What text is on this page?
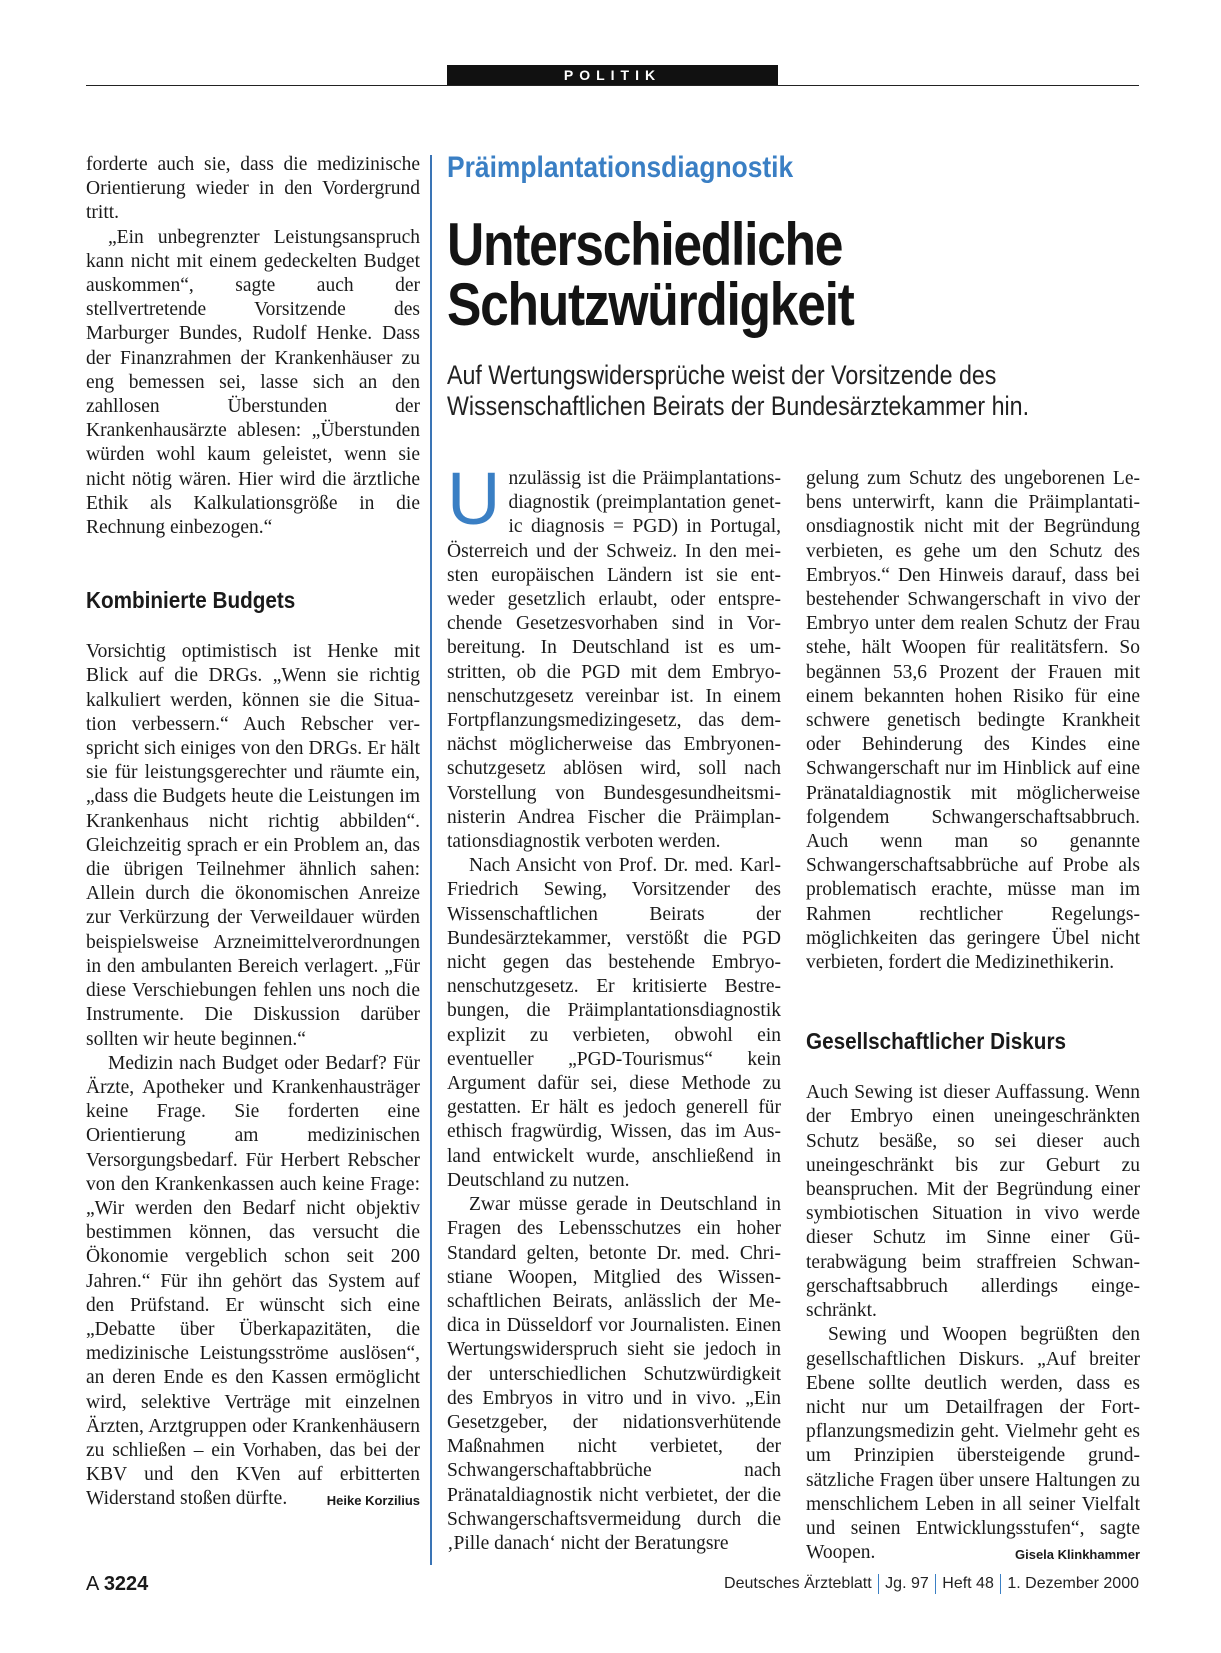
POLITIK

forderte auch sie, dass die medizinische Orientierung wieder in den Vordergrund tritt.

„Ein unbegrenzter Leistungsanspruch kann nicht mit einem gedeckelten Budget auskommen“, sagte auch der stellvertretende Vorsitzende des Marburger Bundes, Rudolf Henke. Dass der Finanzrahmen der Krankenhäuser zu eng bemessen sei, lasse sich an den zahllosen Überstunden der Krankenhausärzte ablesen: „Überstunden würden wohl kaum geleistet, wenn sie nicht nötig wären. Hier wird die ärztliche Ethik als Kalkulationsgröße in die Rechnung einbezogen.“

Kombinierte Budgets

Vorsichtig optimistisch ist Henke mit Blick auf die DRGs. „Wenn sie richtig kalkuliert werden, können sie die Situation verbessern.“ Auch Rebscher verspricht sich einiges von den DRGs. Er hält sie für leistungsgerechter und räumte ein, „dass die Budgets heute die Leistungen im Krankenhaus nicht richtig abbilden“. Gleichzeitig sprach er ein Problem an, das die übrigen Teilnehmer ähnlich sahen: Allein durch die ökonomischen Anreize zur Verkürzung der Verweildauer würden beispielsweise Arzneimittelverordnungen in den ambulanten Bereich verlagert. „Für diese Verschiebungen fehlen uns noch die Instrumente. Die Diskussion darüber sollten wir heute beginnen.“

Medizin nach Budget oder Bedarf? Für Ärzte, Apotheker und Krankenhausträger keine Frage. Sie forderten eine Orientierung am medizinischen Versorgungsbedarf. Für Herbert Rebscher von den Krankenkassen auch keine Frage: „Wir werden den Bedarf nicht objektiv bestimmen können, das versucht die Ökonomie vergeblich schon seit 200 Jahren.“ Für ihn gehört das System auf den Prüfstand. Er wünscht sich eine „Debatte über Überkapazitäten, die medizinische Leistungsströme auslösen“, an deren Ende es den Kassen ermöglicht wird, selektive Verträge mit einzelnen Ärzten, Arztgruppen oder Krankenhäusern zu schließen – ein Vorhaben, das bei der KBV und den KVen auf erbitterten Widerstand stoßen dürfte.	Heike Korzilius

Präimplantationsdiagnostik
Unterschiedliche
Schutzwürdigkeit
Auf Wertungswidersprüche weist der Vorsitzende des
Wissenschaftlichen Beirats der Bundesärztekammer hin.

Unzulässig ist die Präimplantationsdiagnostik (preimplantation genetic diagnosis = PGD) in Portugal, Österreich und der Schweiz. In den meisten europäischen Ländern ist sie entweder gesetzlich erlaubt, oder entsprechende Gesetzesvorhaben sind in Vorbereitung. In Deutschland ist es umstritten, ob die PGD mit dem Embryonenschutzgesetz vereinbar ist. In einem Fortpflanzungsmedizingesetz, das demnächst möglicherweise das Embryonenschutzgesetz ablösen wird, soll nach Vorstellung von Bundesgesundheitsministerin Andrea Fischer die Präimplantationsdiagnostik verboten werden.

Nach Ansicht von Prof. Dr. med. Karl-Friedrich Sewing, Vorsitzender des Wissenschaftlichen Beirats der Bundesärztekammer, verstößt die PGD nicht gegen das bestehende Embryonenschutzgesetz. Er kritisierte Bestrebungen, die Präimplantationsdiagnostik explizit zu verbieten, obwohl ein eventueller „PGD-Tourismus“ kein Argument dafür sei, diese Methode zu gestatten. Er hält es jedoch generell für ethisch fragwürdig, Wissen, das im Ausland entwickelt wurde, anschließend in Deutschland zu nutzen.

Zwar müsse gerade in Deutschland in Fragen des Lebensschutzes ein hoher Standard gelten, betonte Dr. med. Christiane Woopen, Mitglied des Wissenschaftlichen Beirats, anlässlich der Medica in Düsseldorf vor Journalisten. Einen Wertungswiderspruch sieht sie jedoch in der unterschiedlichen Schutzwürdigkeit des Embryos in vitro und in vivo. „Ein Gesetzgeber, der nidationsverhütende Maßnahmen nicht verbietet, der Schwangerschaftabbrüche nach Pränataldiagnostik nicht verbietet, der die Schwangerschaftsvermeidung durch die ‚Pille danach‘ nicht der Beratungsre

gelung zum Schutz des ungeborenen Lebens unterwirft, kann die Präimplantationsdiagnostik nicht mit der Begründung verbieten, es gehe um den Schutz des Embryos.“ Den Hinweis darauf, dass bei bestehender Schwangerschaft in vivo der Embryo unter dem realen Schutz der Frau stehe, hält Woopen für realitätsfern. So begännen 53,6 Prozent der Frauen mit einem bekannten hohen Risiko für eine schwere genetisch bedingte Krankheit oder Behinderung des Kindes eine Schwangerschaft nur im Hinblick auf eine Pränataldiagnostik mit möglicherweise folgendem Schwangerschaftsabbruch. Auch wenn man so genannte Schwangerschaftsabbrüche auf Probe als problematisch erachte, müsse man im Rahmen rechtlicher Regelungsmöglichkeiten das geringere Übel nicht verbieten, fordert die Medizinethikerin.

Gesellschaftlicher Diskurs

Auch Sewing ist dieser Auffassung. Wenn der Embryo einen uneingeschränkten Schutz besäße, so sei dieser auch uneingeschränkt bis zur Geburt zu beanspruchen. Mit der Begründung einer symbiotischen Situation in vivo werde dieser Schutz im Sinne einer Güterabwägung beim straffreien Schwangerschaftsabbruch allerdings eingeschränkt.

Sewing und Woopen begrüßten den gesellschaftlichen Diskurs. „Auf breiter Ebene sollte deutlich werden, dass es nicht nur um Detailfragen der Fortpflanzungsmedizin geht. Vielmehr geht es um Prinzipien übersteigende grundsätzliche Fragen über unsere Haltungen zu menschlichem Leben in all seiner Vielfalt und seinen Entwicklungsstufen“, sagte Woopen.	Gisela Klinkhammer

A 3224	Deutsches Ärzteblatt Jg. 97 Heft 48 1. Dezember 2000
